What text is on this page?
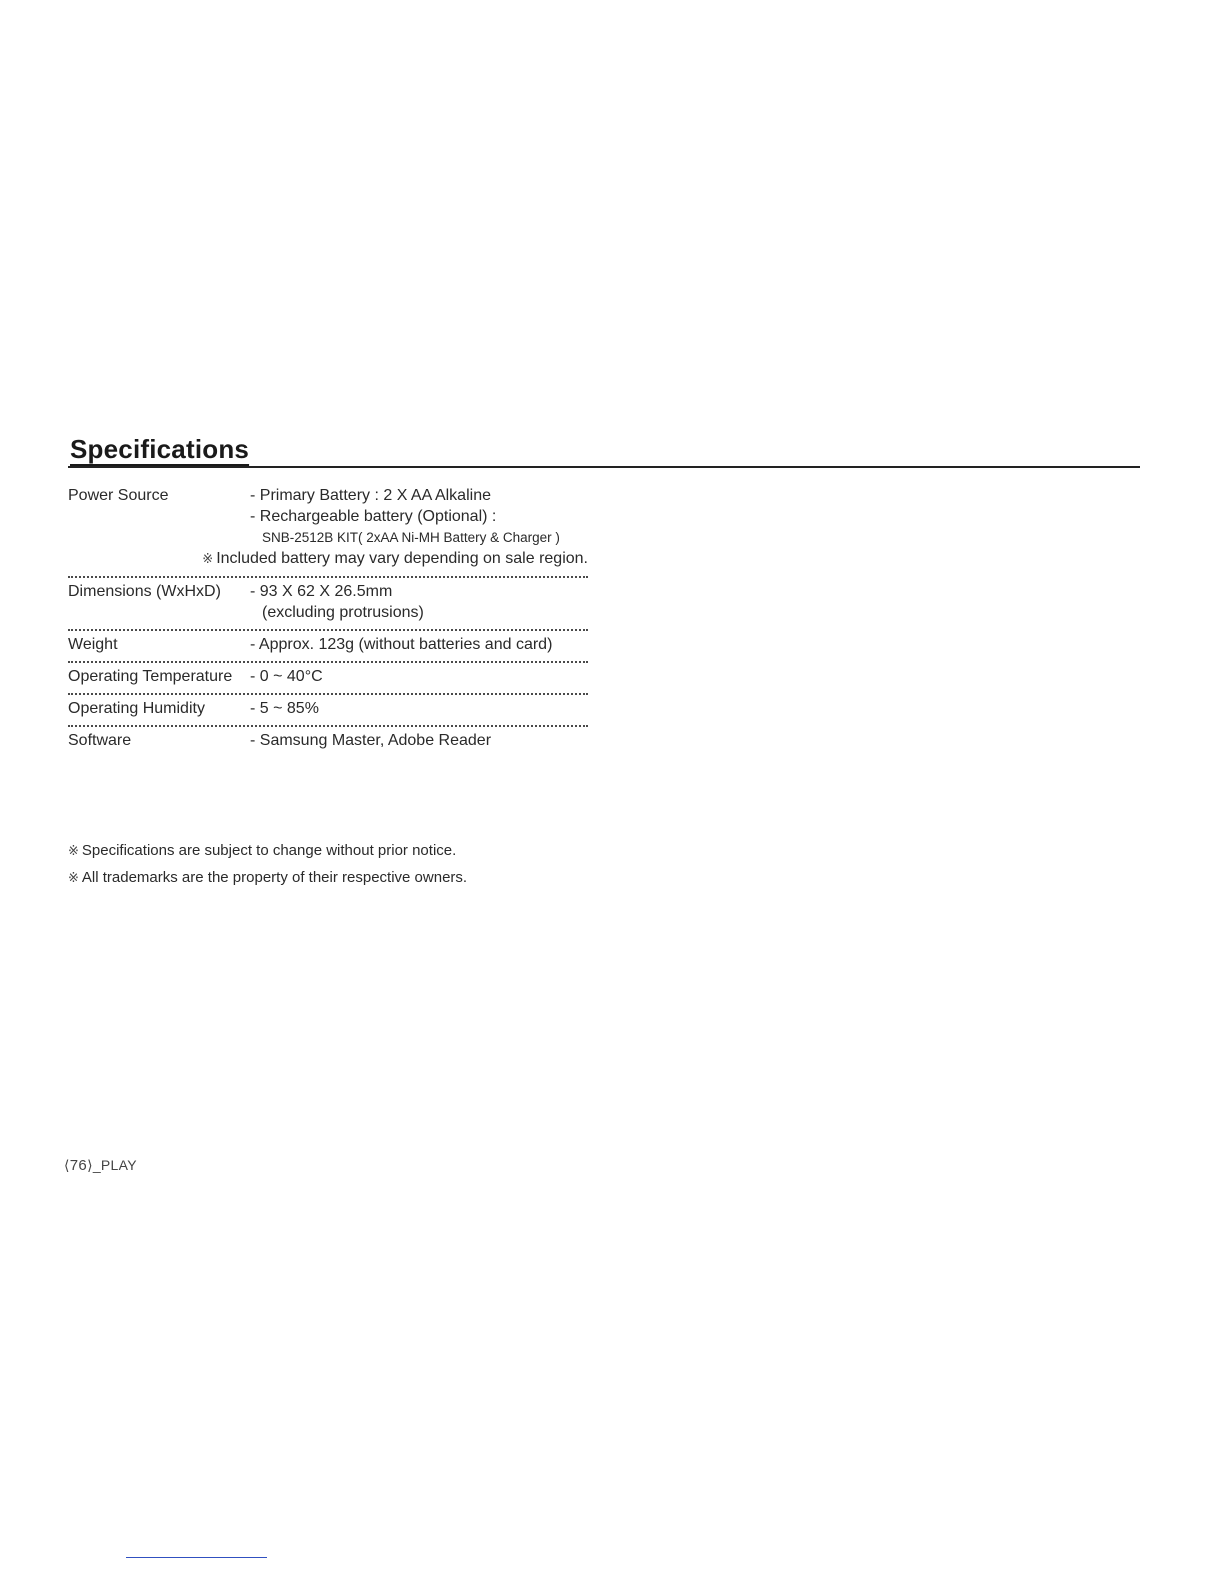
Specifications
Power Source	- Primary Battery : 2 X AA Alkaline
- Rechargeable battery (Optional) :
SNB-2512B KIT( 2xAA Ni-MH Battery & Charger )
※ Included battery may vary depending on sale region.
Dimensions (WxHxD)	- 93 X 62 X 26.5mm
(excluding protrusions)
Weight	- Approx. 123g (without batteries and card)
Operating Temperature	- 0 ~ 40°C
Operating Humidity	- 5 ~ 85%
Software	- Samsung Master, Adobe Reader
※ Specifications are subject to change without prior notice.
※ All trademarks are the property of their respective owners.
⟨76⟩_PLAY
